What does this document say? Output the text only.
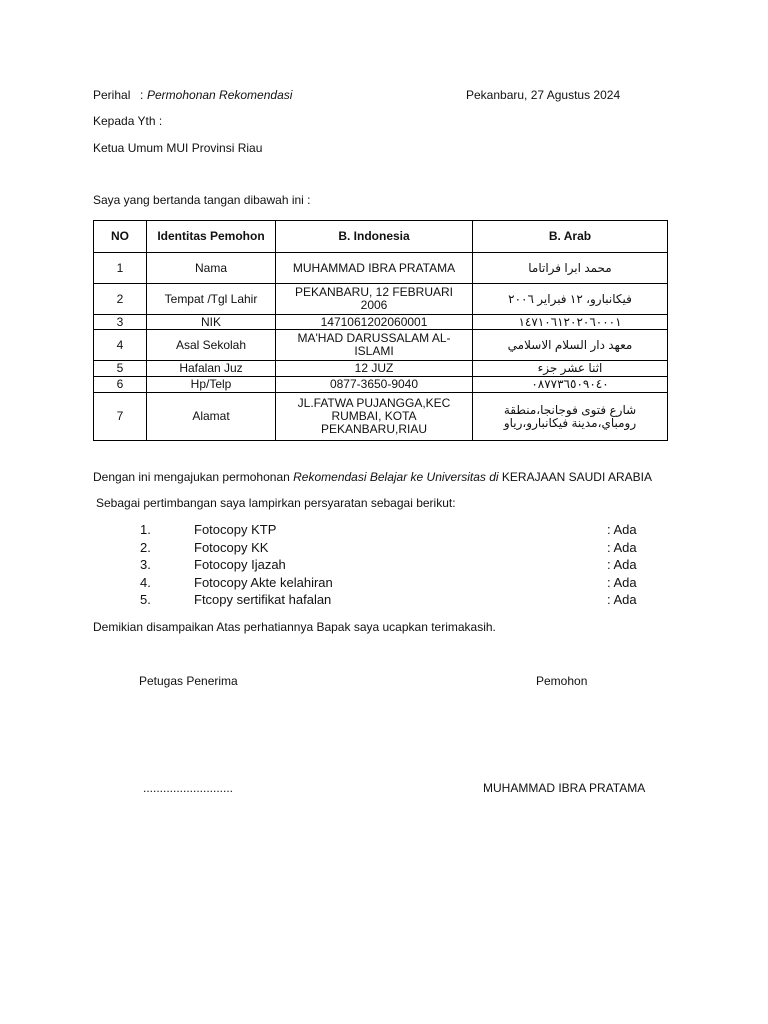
Perihal : Permohonan Rekomendasi	Pekanbaru, 27 Agustus 2024
Kepada Yth :
Ketua Umum MUI Provinsi Riau
Saya yang bertanda tangan dibawah ini :
NO	Identitas Pemohon	B. Indonesia	B. Arab
1	Nama	MUHAMMAD IBRA PRATAMA	محمد ابرا فراتاما
2	Tempat /Tgl Lahir	PEKANBARU, 12 FEBRUARI 2006	فيكانبارو، ١٢ فبراير ٢٠٠٦
3	NIK	1471061202060001	١٤٧١٠٦١٢٠٢٠٦٠٠٠١
4	Asal Sekolah	MA'HAD DARUSSALAM AL-ISLAMI	معهد دار السلام الاسلامي
5	Hafalan Juz	12 JUZ	اثنا عشر جزء
6	Hp/Telp	0877-3650-9040	٠٨٧٧٣٦٥٠٩٠٤٠
7	Alamat	JL.FATWA PUJANGGA,KEC RUMBAI, KOTA PEKANBARU,RIAU	شارع فتوى فوجانجا،منطقة رومباي،مدينة فيكانبارو،رياو
Dengan ini mengajukan permohonan Rekomendasi Belajar ke Universitas di KERAJAAN SAUDI ARABIA
Sebagai pertimbangan saya lampirkan persyaratan sebagai berikut:
1.	Fotocopy KTP	: Ada
2.	Fotocopy KK	: Ada
3.	Fotocopy Ijazah	: Ada
4.	Fotocopy Akte kelahiran	: Ada
5.	Ftcopy sertifikat hafalan	: Ada
Demikian disampaikan Atas perhatiannya Bapak saya ucapkan terimakasih.
Petugas Penerima	Pemohon
...........................	MUHAMMAD IBRA PRATAMA
